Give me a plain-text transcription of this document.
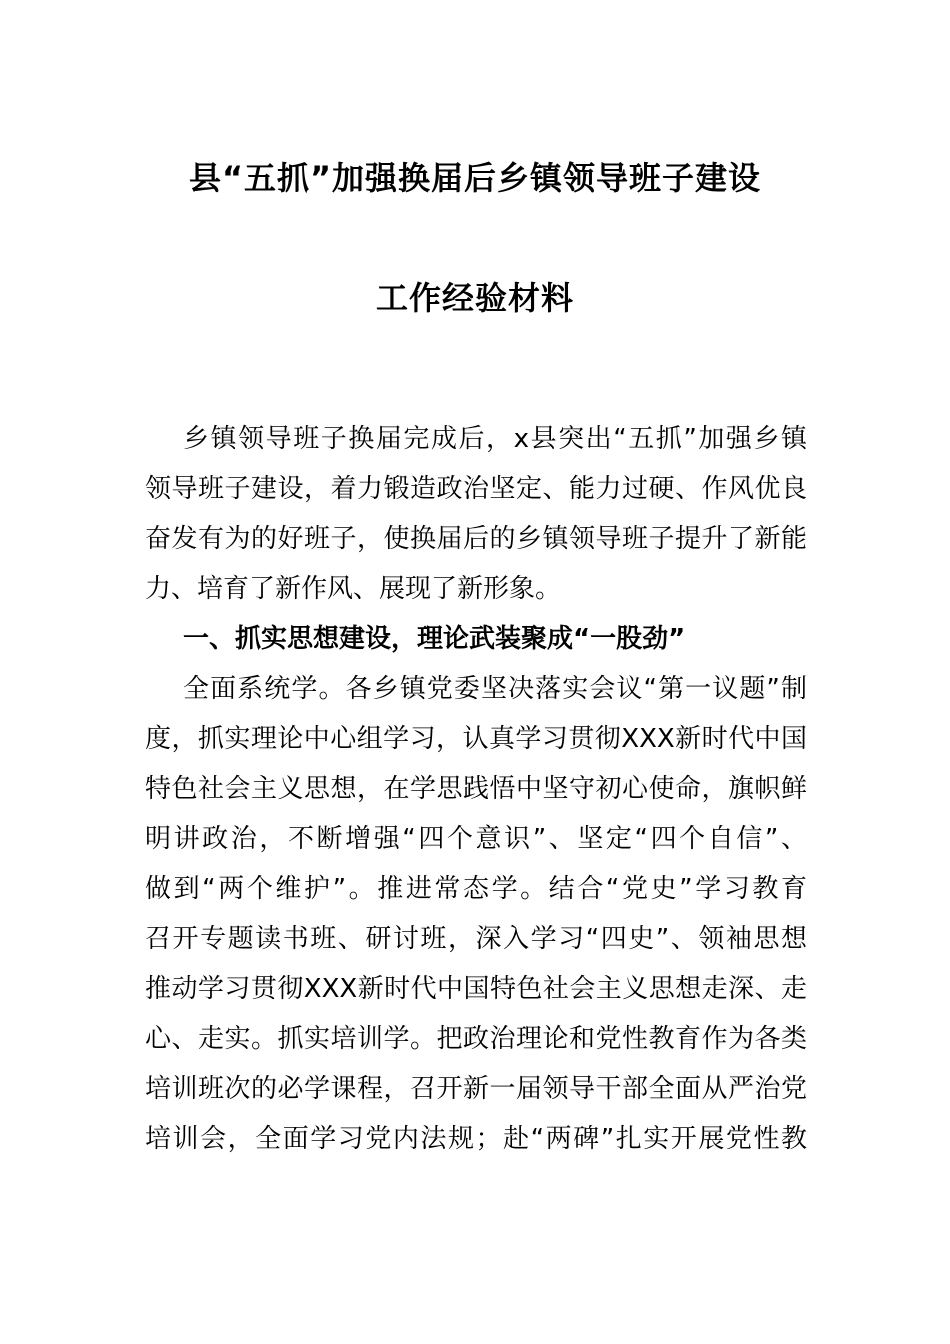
县“五抓”加强换届后乡镇领导班子建设
工作经验材料
乡镇领导班子换届完成后，x县突出“五抓”加强乡镇
领导班子建设，着力锻造政治坚定、能力过硬、作风优良
奋发有为的好班子，使换届后的乡镇领导班子提升了新能
力、培育了新作风、展现了新形象。
一、抓实思想建设，理论武装聚成“一股劲”
全面系统学。各乡镇党委坚决落实会议“第一议题”制
度，抓实理论中心组学习，认真学习贯彻XXX新时代中国
特色社会主义思想，在学思践悟中坚守初心使命，旗帜鲜
明讲政治，不断增强“四个意识”、坚定“四个自信”、
做到“两个维护”。推进常态学。结合“党史”学习教育
召开专题读书班、研讨班，深入学习“四史”、领袖思想
推动学习贯彻XXX新时代中国特色社会主义思想走深、走
心、走实。抓实培训学。把政治理论和党性教育作为各类
培训班次的必学课程，召开新一届领导干部全面从严治党
培训会，全面学习党内法规；赴“两碑”扎实开展党性教
